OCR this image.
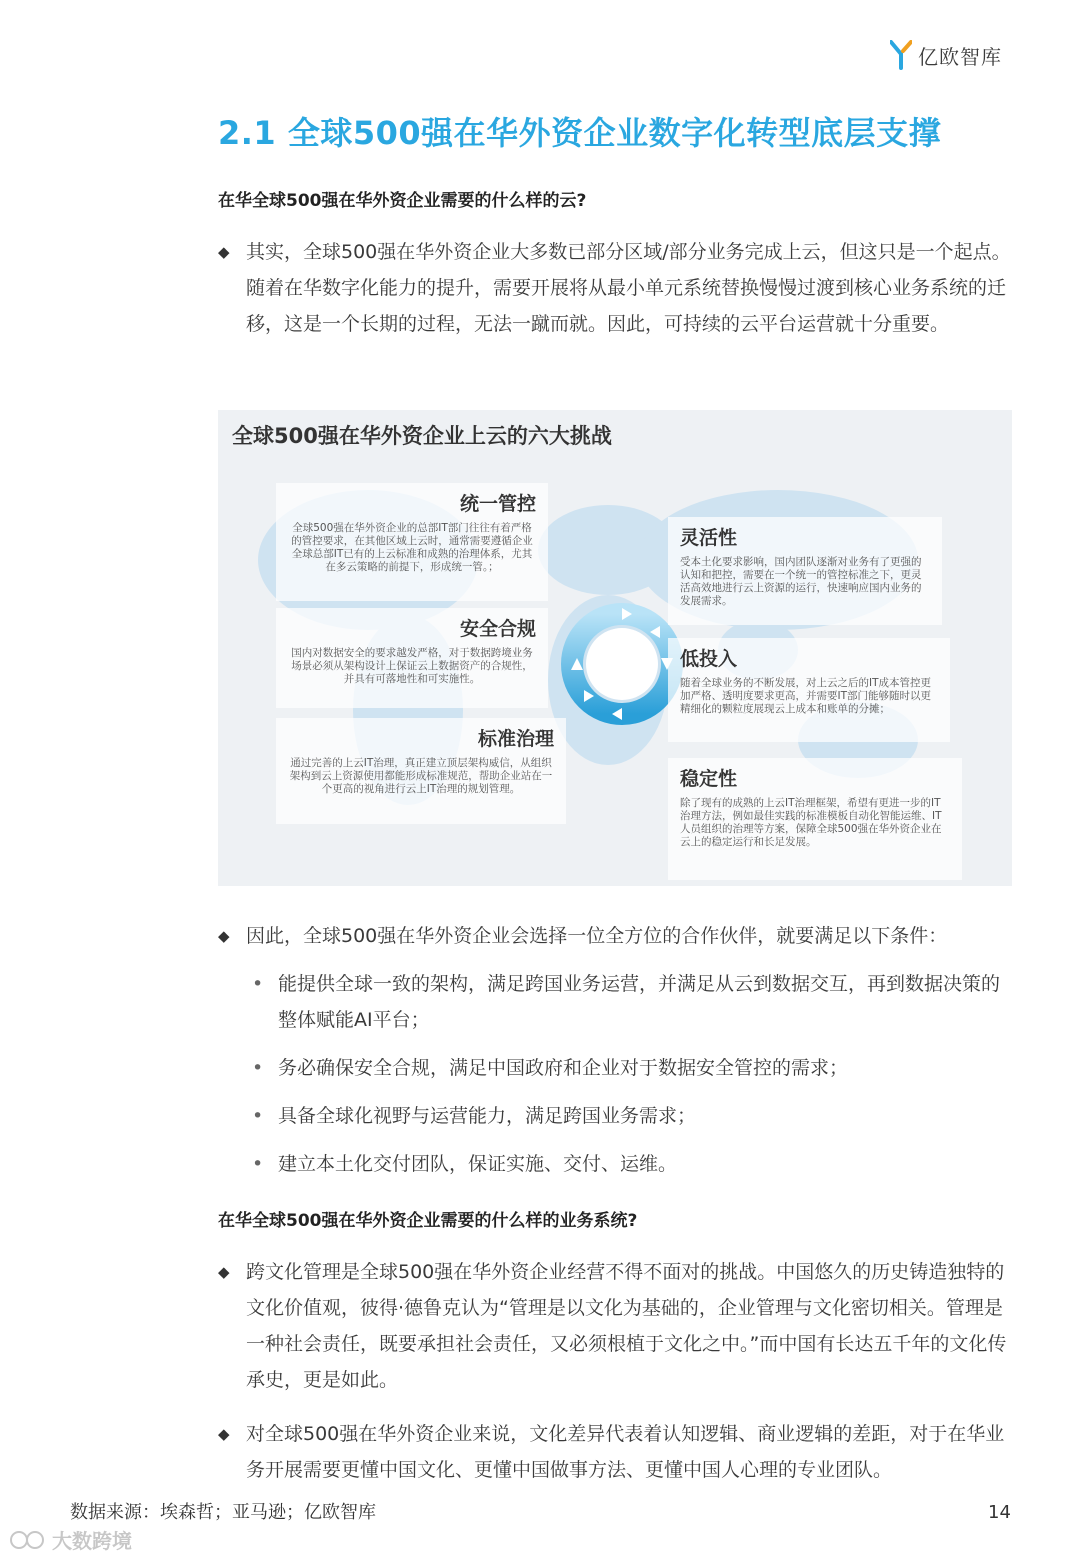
亿欧智库
2.1 全球500强在华外资企业数字化转型底层支撑
在华全球500强在华外资企业需要的什么样的云?
◆ 其实，全球500强在华外资企业大多数已部分区域/部分业务完成上云，但这只是一个起点。随着在华数字化能力的提升，需要开展将从最小单元系统替换慢慢过渡到核心业务系统的迁移，这是一个长期的过程，无法一蹴而就。因此，可持续的云平台运营就十分重要。
全球500强在华外资企业上云的六大挑战
统一管控
全球500强在华外资企业的总部IT部门往往有着严格的管控要求，在其他区域上云时，通常需要遵循企业全球总部IT已有的上云标准和成熟的治理体系，尤其在多云策略的前提下，形成统一管。；
安全合规
国内对数据安全的要求越发严格，对于数据跨境业务场景必须从架构设计上保证云上数据资产的合规性，并具有可落地性和可实施性。
标准治理
通过完善的上云IT治理，真正建立顶层架构威信，从组织架构到云上资源使用都能形成标准规范，帮助企业站在一个更高的视角进行云上IT治理的规划管理。
灵活性
受本土化要求影响，国内团队逐渐对业务有了更强的认知和把控，需要在一个统一的管控标准之下，更灵活高效地进行云上资源的运行，快速响应国内业务的发展需求。
低投入
随着全球业务的不断发展，对上云之后的IT成本管控更加严格、透明度要求更高，并需要IT部门能够随时以更精细化的颗粒度展现云上成本和账单的分摊；
稳定性
除了现有的成熟的上云IT治理框架，希望有更进一步的IT治理方法，例如最佳实践的标准模板自动化智能运维、IT人员组织的治理等方案，保障全球500强在华外资企业在云上的稳定运行和长足发展。
◆ 因此，全球500强在华外资企业会选择一位全方位的合作伙伴，就要满足以下条件：
• 能提供全球一致的架构，满足跨国业务运营，并满足从云到数据交互，再到数据决策的整体赋能AI平台；
• 务必确保安全合规，满足中国政府和企业对于数据安全管控的需求；
• 具备全球化视野与运营能力，满足跨国业务需求；
• 建立本土化交付团队，保证实施、交付、运维。
在华全球500强在华外资企业需要的什么样的业务系统?
◆ 跨文化管理是全球500强在华外资企业经营不得不面对的挑战。中国悠久的历史铸造独特的文化价值观，彼得·德鲁克认为“管理是以文化为基础的，企业管理与文化密切相关。管理是一种社会责任，既要承担社会责任，又必须根植于文化之中。”而中国有长达五千年的文化传承史，更是如此。
◆ 对全球500强在华外资企业来说，文化差异代表着认知逻辑、商业逻辑的差距，对于在华业务开展需要更懂中国文化、更懂中国做事方法、更懂中国人心理的专业团队。
数据来源：埃森哲；亚马逊；亿欧智库	14
大数跨境
